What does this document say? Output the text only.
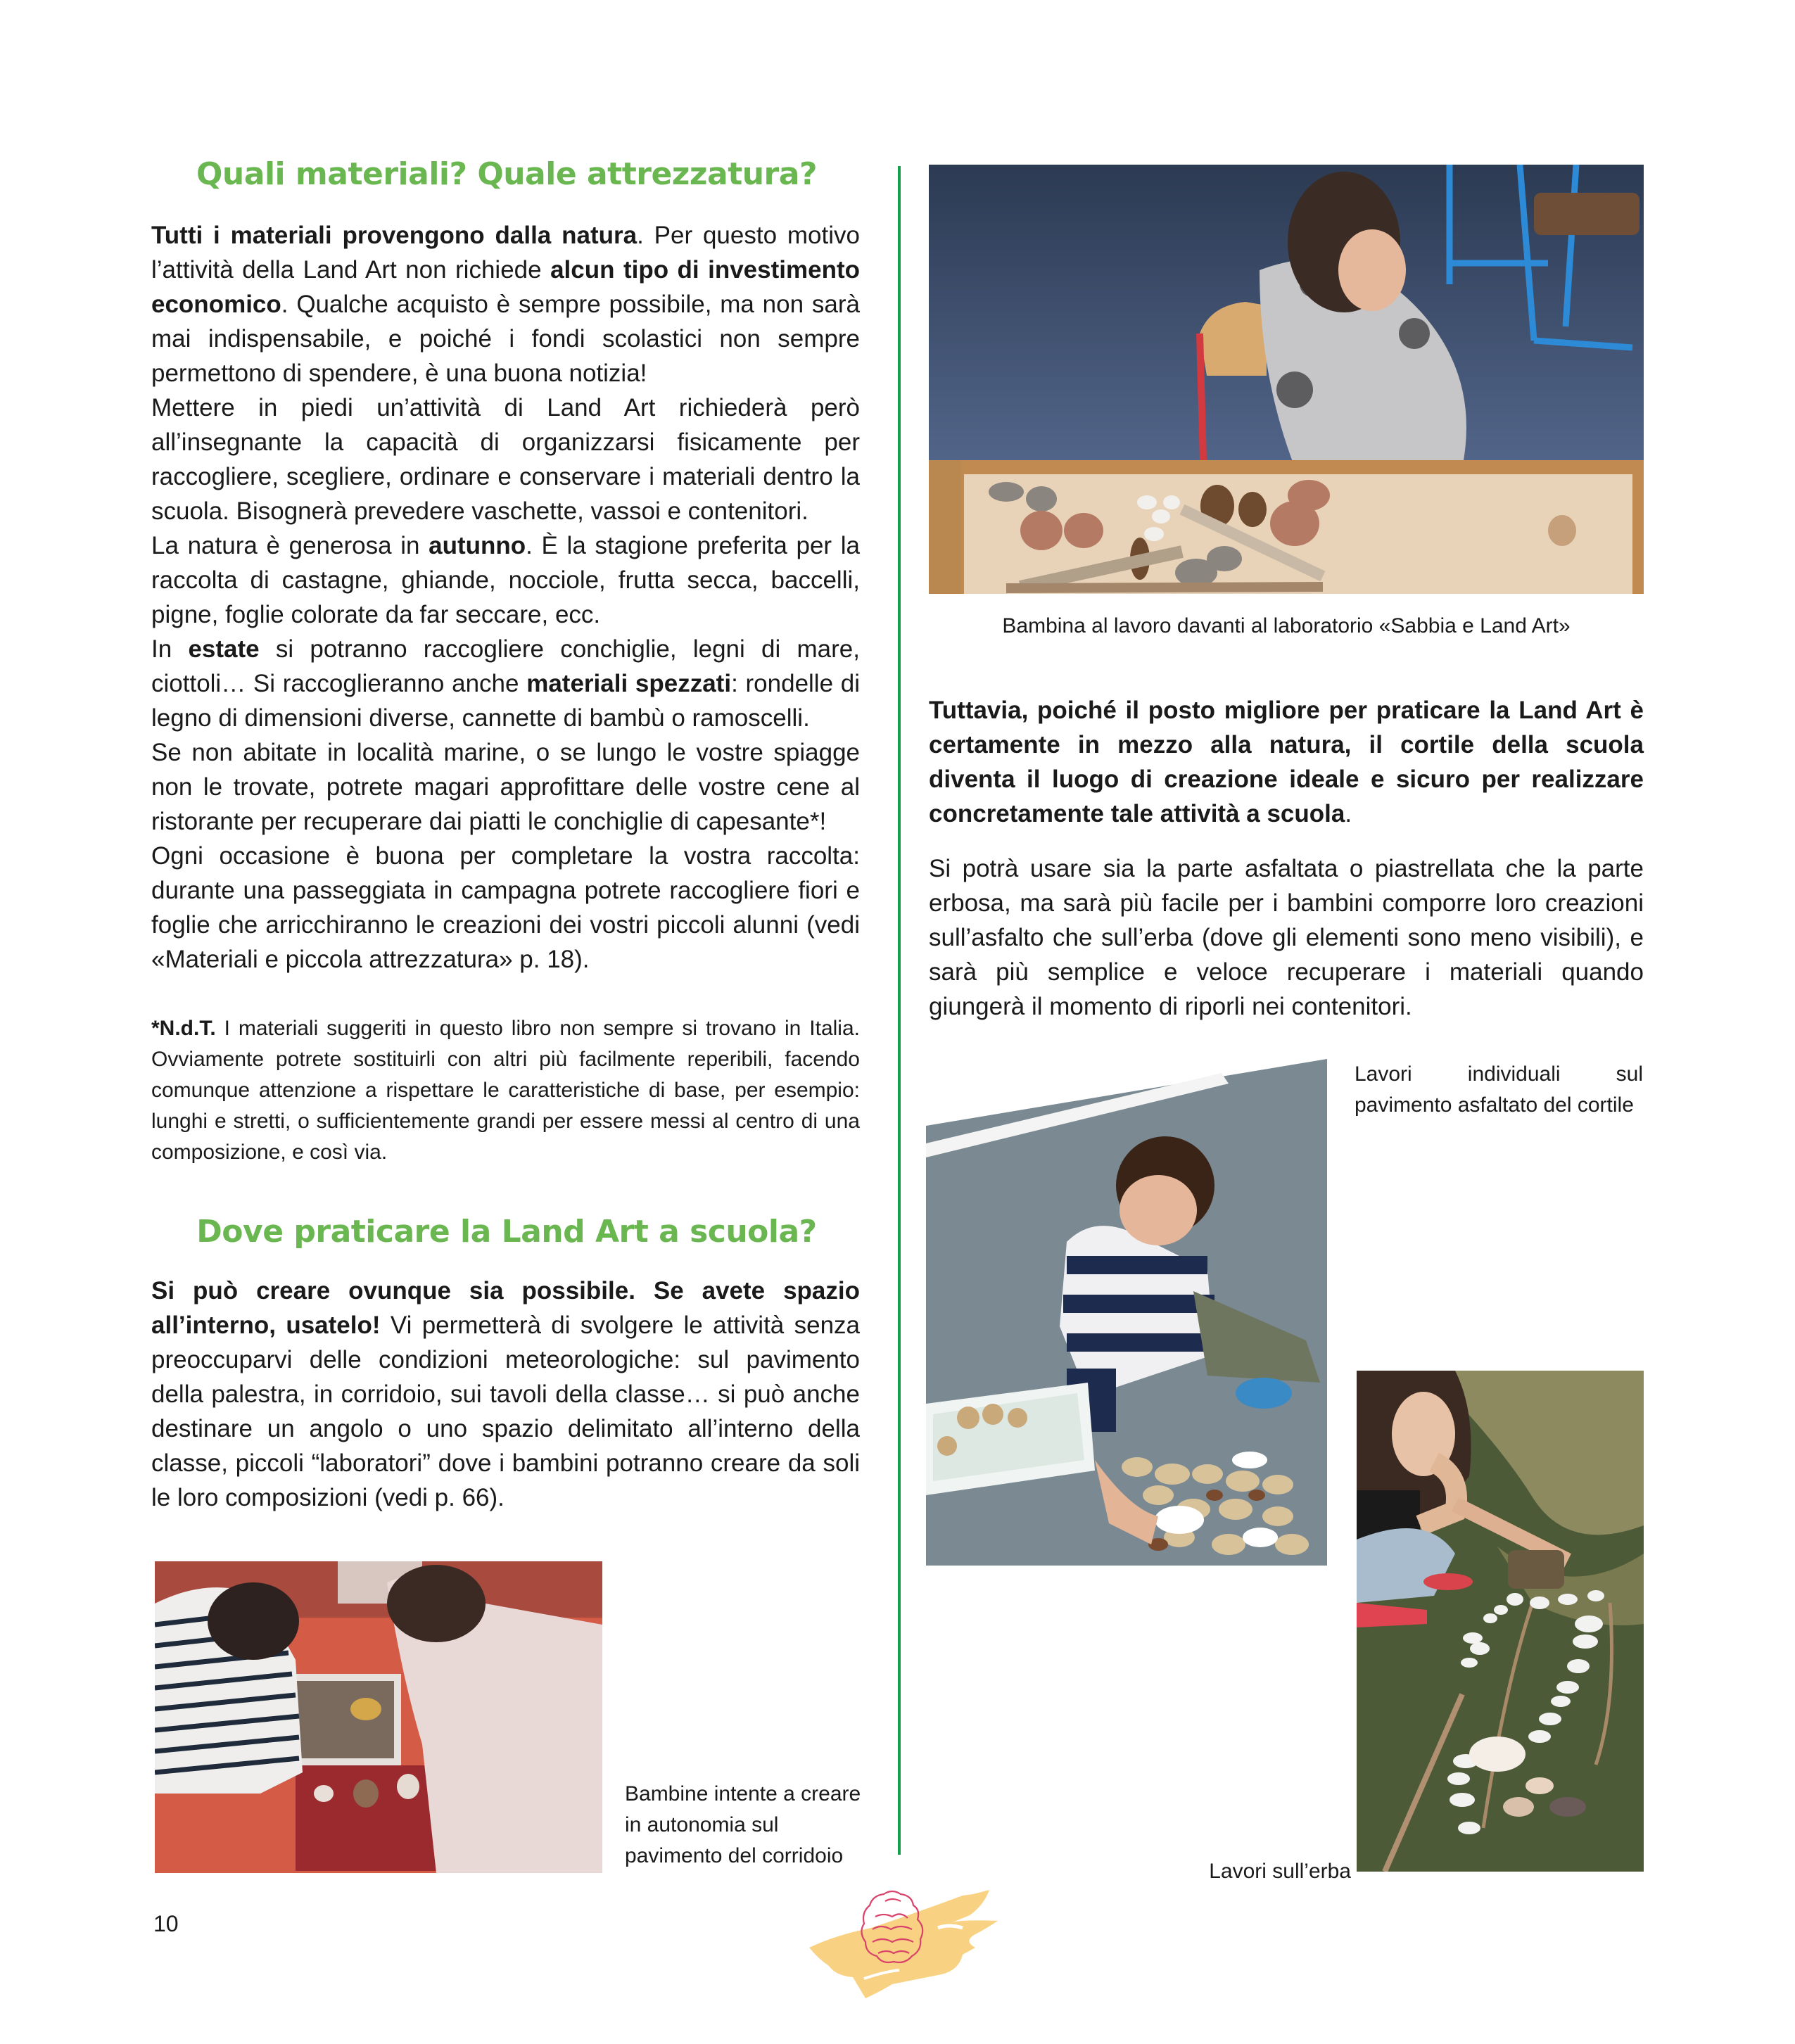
Quali materiali? Quale attrezzatura?

Tutti i materiali provengono dalla natura. Per questo motivo l’attività della Land Art non richiede alcun tipo di investimento economico. Qualche acquisto è sempre possibile, ma non sarà mai indispensabile, e poiché i fondi scolastici non sempre permettono di spendere, è una buona notizia!

Mettere in piedi un’attività di Land Art richiederà però all’insegnante la capacità di organizzarsi fisicamente per raccogliere, scegliere, ordinare e conservare i materiali dentro la scuola. Bisognerà prevedere vaschette, vassoi e contenitori.

La natura è generosa in autunno. È la stagione preferita per la raccolta di castagne, ghiande, nocciole, frutta secca, baccelli, pigne, foglie colorate da far seccare, ecc.

In estate si potranno raccogliere conchiglie, legni di mare, ciottoli… Si raccoglieranno anche materiali spezzati: rondelle di legno di dimensioni diverse, cannette di bambù o ramoscelli.

Se non abitate in località marine, o se lungo le vostre spiagge non le trovate, potrete magari approfittare delle vostre cene al ristorante per recuperare dai piatti le conchiglie di capesante*!

Ogni occasione è buona per completare la vostra raccolta: durante una passeggiata in campagna potrete raccogliere fiori e foglie che arricchiranno le creazioni dei vostri piccoli alunni (vedi «Materiali e piccola attrezzatura» p. 18).

*N.d.T. I materiali suggeriti in questo libro non sempre si trovano in Italia. Ovviamente potrete sostituirli con altri più facilmente reperibili, facendo comunque attenzione a rispettare le caratteristiche di base, per esempio: lunghi e stretti, o sufficientemente grandi per essere messi al centro di una composizione, e così via.

Dove praticare la Land Art a scuola?

Si può creare ovunque sia possibile. Se avete spazio all’interno, usatelo! Vi permetterà di svolgere le attività senza preoccuparvi delle condizioni meteorologiche: sul pavimento della palestra, in corridoio, sui tavoli della classe… si può anche destinare un angolo o uno spazio delimitato all’interno della classe, piccoli “laboratori” dove i bambini potranno creare da soli le loro composizioni (vedi p. 66).

Bambine intente a creare in autonomia sul pavimento del corridoio

10

Bambina al lavoro davanti al laboratorio «Sabbia e Land Art»

Tuttavia, poiché il posto migliore per praticare la Land Art è certamente in mezzo alla natura, il cortile della scuola diventa il luogo di creazione ideale e sicuro per realizzare concretamente tale attività a scuola.

Si potrà usare sia la parte asfaltata o piastrellata che la parte erbosa, ma sarà più facile per i bambini comporre loro creazioni sull’asfalto che sull’erba (dove gli elementi sono meno visibili), e sarà più semplice e veloce recuperare i materiali quando giungerà il momento di riporli nei contenitori.

Lavori individuali sul pavimento asfaltato del cortile

Lavori sull’erba
